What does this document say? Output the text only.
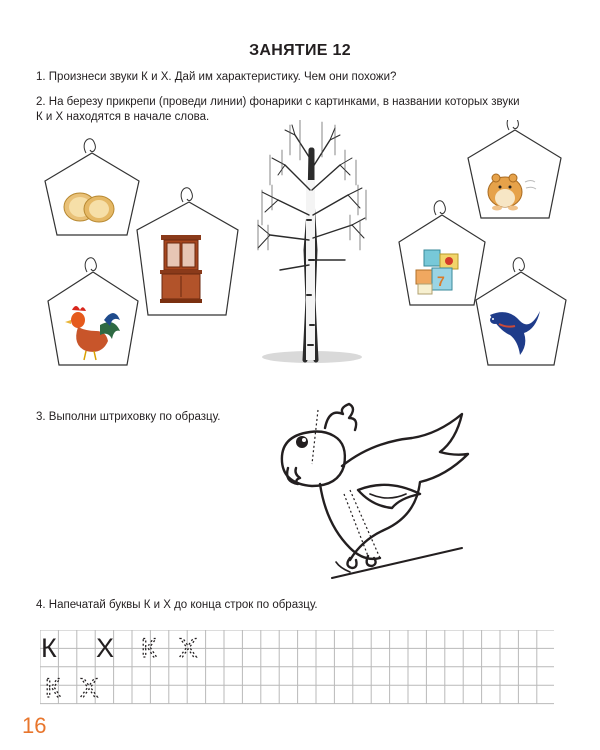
ЗАНЯТИЕ 12
1. Произнеси звуки К и Х. Дай им характеристику. Чем они похожи?
2. На березу прикрепи (проведи линии) фонарики с картинками, в названии которых звуки
К и Х находятся в начале слова.
3. Выполни штриховку по образцу.
4. Напечатай буквы К и Х до конца строк по образцу.
7
К Х К Х
К Х
16
